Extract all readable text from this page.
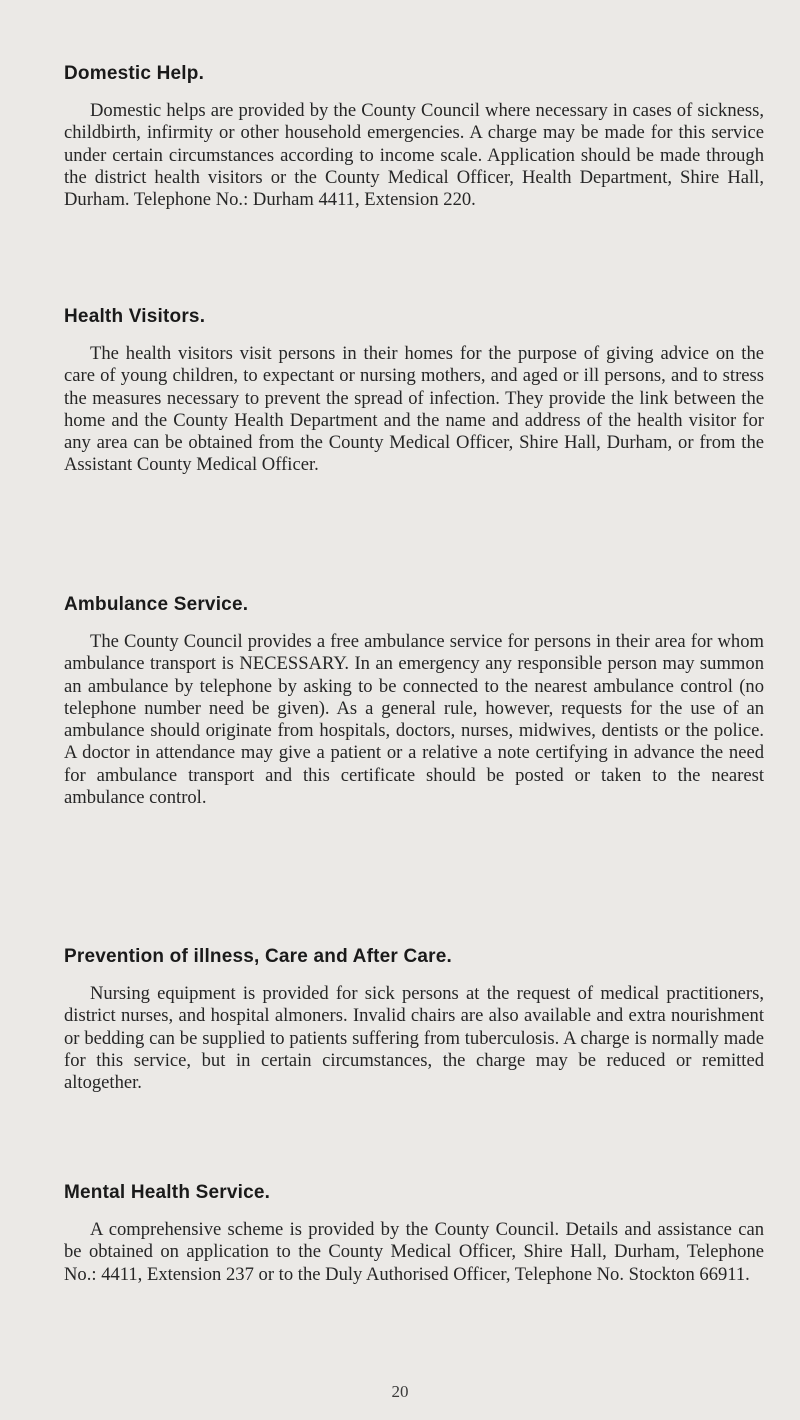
Domestic Help.

Domestic helps are provided by the County Council where necessary in cases of sickness, childbirth, infirmity or other household emergencies. A charge may be made for this service under certain circumstances according to income scale. Application should be made through the district health visitors or the County Medical Officer, Health Department, Shire Hall, Durham. Telephone No.: Durham 4411, Extension 220.

Health Visitors.

The health visitors visit persons in their homes for the purpose of giving advice on the care of young children, to expectant or nursing mothers, and aged or ill persons, and to stress the measures necessary to prevent the spread of infection. They provide the link between the home and the County Health Department and the name and address of the health visitor for any area can be obtained from the County Medical Officer, Shire Hall, Durham, or from the Assistant County Medical Officer.

Ambulance Service.

The County Council provides a free ambulance service for persons in their area for whom ambulance transport is NECESSARY. In an emergency any responsible person may summon an ambulance by telephone by asking to be connected to the nearest ambulance control (no telephone number need be given). As a general rule, however, requests for the use of an ambulance should originate from hospitals, doctors, nurses, midwives, dentists or the police. A doctor in attendance may give a patient or a relative a note certifying in advance the need for ambulance transport and this certificate should be posted or taken to the nearest ambulance control.

Prevention of illness, Care and After Care.

Nursing equipment is provided for sick persons at the request of medical practitioners, district nurses, and hospital almoners. Invalid chairs are also available and extra nourishment or bedding can be supplied to patients suffering from tuberculosis. A charge is normally made for this service, but in certain circumstances, the charge may be reduced or remitted altogether.

Mental Health Service.

A comprehensive scheme is provided by the County Council. Details and assistance can be obtained on application to the County Medical Officer, Shire Hall, Durham, Telephone No.: 4411, Extension 237 or to the Duly Authorised Officer, Telephone No. Stockton 66911.

20
